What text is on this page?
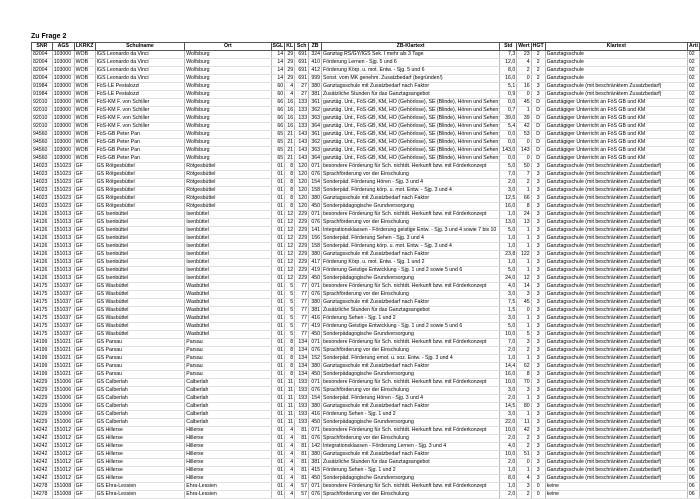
Zu Frage 2
SNR	AGS	LKRKZ	Schulname	Ort	SGL	KL	Sch	ZB	ZB-Klartext	Std	Wert	HGT	Klartext	Arti
82004	103000	WOB	IGS Leonardo da Vinci	Wolfsburg	14	29	691	324	Ganztag RS/GY/IGS Sek. I mehr als 3 Tage	7,3	23	2	Ganztagsschule	02
82004	103000	WOB	IGS Leonardo da Vinci	Wolfsburg	14	29	691	410	Förderung Lernen - Sjg. 5 und 6	12,0	4	2	Ganztagsschule	02
82004	103000	WOB	IGS Leonardo da Vinci	Wolfsburg	14	29	691	412	Förderung Körp. u. mot. Entw. - Sjg. 5 und 6	8,0	2	2	Ganztagsschule	02
82004	103000	WOB	IGS Leonardo da Vinci	Wolfsburg	14	29	691	999	Sonst. vom MK genehm. Zusatzbedarf (begründen!)	16,0	0	2	Ganztagsschule	02
91984	103000	WOB	FöS-LE Pestalozzi	Wolfsburg	60	4	27	380	Ganztagsschule mit Zusatzbedarf nach Faktor	5,1	16	3	Ganztagsschule (mit beschränktem Zusatzbedarf)	02
91984	103000	WOB	FöS-LE Pestalozzi	Wolfsburg	60	4	27	381	Zusätzliche Stunden für das Ganztagsangebot	0,9	0	3	Ganztagsschule (mit beschränktem Zusatzbedarf)	02
92010	103000	WOB	FöS-KM F. von Schiller	Wolfsburg	66	16	133	361	ganztäg. Unt., FöS-GB, KM, HÖ (Gehörlose), SE (Blinde), Hören und Sehen	0,0	45	D	Ganztägiger Unterricht an FöS GB und KM	02
92010	103000	WOB	FöS-KM F. von Schiller	Wolfsburg	66	16	133	362	ganztäg. Unt., FöS-GB, KM, HÖ (Gehörlose), SE (Blinde), Hören und Sehen	0,7	1	D	Ganztägiger Unterricht an FöS GB und KM	02
92010	103000	WOB	FöS-KM F. von Schiller	Wolfsburg	66	16	133	363	ganztäg. Unt., FöS-GB, KM, HÖ (Gehörlose), SE (Blinde), Hören und Sehen	39,0	39	D	Ganztägiger Unterricht an FöS GB und KM	02
92010	103000	WOB	FöS-KM F. von Schiller	Wolfsburg	66	16	133	364	ganztäg. Unt., FöS-GB, KM, HÖ (Gehörlose), SE (Blinde), Hören und Sehen	5,4	42	D	Ganztägiger Unterricht an FöS GB und KM	02
94560	103000	WOB	FöS-GB Peter Pan	Wolfsburg	65	21	143	361	ganztäg. Unt., FöS-GB, KM, HÖ (Gehörlose), SE (Blinde), Hören und Sehen	0,0	53	D	Ganztägiger Unterricht an FöS GB und KM	02
94560	103000	WOB	FöS-GB Peter Pan	Wolfsburg	65	21	143	362	ganztäg. Unt., FöS-GB, KM, HÖ (Gehörlose), SE (Blinde), Hören und Sehen	0,0	0	D	Ganztägiger Unterricht an FöS GB und KM	02
94560	103000	WOB	FöS-GB Peter Pan	Wolfsburg	65	21	143	363	ganztäg. Unt., FöS-GB, KM, HÖ (Gehörlose), SE (Blinde), Hören und Sehen	143,0	143	D	Ganztägiger Unterricht an FöS GB und KM	02
94560	103000	WOB	FöS-GB Peter Pan	Wolfsburg	65	21	143	364	ganztäg. Unt., FöS-GB, KM, HÖ (Gehörlose), SE (Blinde), Hören und Sehen	0,0	0	D	Ganztägiger Unterricht an FöS GB und KM	02
14023	151023	GF	GS Rötgesbüttel	Rötgesbüttel	01	8	120	071	besondere Förderung für Sch. nichtdt. Herkunft bzw. mit Förderkonzept	5,0	50	3	Ganztagsschule (mit beschränktem Zusatzbedarf)	06
14023	151023	GF	GS Rötgesbüttel	Rötgesbüttel	01	8	120	076	Sprachförderung vor der Einschulung	7,0	7	3	Ganztagsschule (mit beschränktem Zusatzbedarf)	06
14023	151023	GF	GS Rötgesbüttel	Rötgesbüttel	01	8	120	154	Sonderpäd. Förderung Hören - Sjg. 3 und 4	2,0	2	3	Ganztagsschule (mit beschränktem Zusatzbedarf)	06
14023	151023	GF	GS Rötgesbüttel	Rötgesbüttel	01	8	120	158	Sonderpäd. Förderung körp. u. mot. Entw. - Sjg. 3 und 4	3,0	1	3	Ganztagsschule (mit beschränktem Zusatzbedarf)	06
14023	151023	GF	GS Rötgesbüttel	Rötgesbüttel	01	8	120	380	Ganztagsschule mit Zusatzbedarf nach Faktor	12,5	66	3	Ganztagsschule (mit beschränktem Zusatzbedarf)	06
14023	151023	GF	GS Rötgesbüttel	Rötgesbüttel	01	8	120	450	Sonderpädagogische Grundversorgung	16,0	8	3	Ganztagsschule (mit beschränktem Zusatzbedarf)	06
14126	151013	GF	GS Isenbüttel	Isenbüttel	01	12	229	071	besondere Förderung für Sch. nichtdt. Herkunft bzw. mit Förderkonzept	1,0	24	3	Ganztagsschule (mit beschränktem Zusatzbedarf)	06
14126	151013	GF	GS Isenbüttel	Isenbüttel	01	12	229	076	Sprachförderung vor der Einschulung	13,0	13	3	Ganztagsschule (mit beschränktem Zusatzbedarf)	06
14126	151013	GF	GS Isenbüttel	Isenbüttel	01	12	229	141	Integrationsklassen - Förderung geistige Entw. - Sjg. 3 und 4 sowie 7 bis 10	5,0	1	3	Ganztagsschule (mit beschränktem Zusatzbedarf)	06
14126	151013	GF	GS Isenbüttel	Isenbüttel	01	12	229	156	Sonderpäd. Förderung Sehen - Sjg. 3 und 4	1,0	1	3	Ganztagsschule (mit beschränktem Zusatzbedarf)	06
14126	151013	GF	GS Isenbüttel	Isenbüttel	01	12	229	158	Sonderpäd. Förderung körp. u. mot. Entw. - Sjg. 3 und 4	1,0	1	3	Ganztagsschule (mit beschränktem Zusatzbedarf)	06
14126	151013	GF	GS Isenbüttel	Isenbüttel	01	12	229	380	Ganztagsschule mit Zusatzbedarf nach Faktor	23,8	122	3	Ganztagsschule (mit beschränktem Zusatzbedarf)	06
14126	151013	GF	GS Isenbüttel	Isenbüttel	01	12	229	417	Förderung Körp. u. mot. Entw. - Sjg. 1 und 2	1,0	1	3	Ganztagsschule (mit beschränktem Zusatzbedarf)	06
14126	151013	GF	GS Isenbüttel	Isenbüttel	01	12	229	419	Förderung Geistige Entwicklung - Sjg. 1 und 2 sowie 5 und 6	5,0	1	3	Ganztagsschule (mit beschränktem Zusatzbedarf)	06
14126	151013	GF	GS Isenbüttel	Isenbüttel	01	12	229	450	Sonderpädagogische Grundversorgung	24,0	12	3	Ganztagsschule (mit beschränktem Zusatzbedarf)	06
14175	151037	GF	GS Wasbüttel	Wasbüttel	01	5	77	071	besondere Förderung für Sch. nichtdt. Herkunft bzw. mit Förderkonzept	4,0	14	3	Ganztagsschule (mit beschränktem Zusatzbedarf)	06
14175	151037	GF	GS Wasbüttel	Wasbüttel	01	5	77	076	Sprachförderung vor der Einschulung	3,0	3	3	Ganztagsschule (mit beschränktem Zusatzbedarf)	06
14175	151037	GF	GS Wasbüttel	Wasbüttel	01	5	77	380	Ganztagsschule mit Zusatzbedarf nach Faktor	7,5	45	3	Ganztagsschule (mit beschränktem Zusatzbedarf)	06
14175	151037	GF	GS Wasbüttel	Wasbüttel	01	5	77	381	Zusätzliche Stunden für das Ganztagsangebot	1,5	0	3	Ganztagsschule (mit beschränktem Zusatzbedarf)	06
14175	151037	GF	GS Wasbüttel	Wasbüttel	01	5	77	416	Förderung Sehen - Sjg. 1 und 2	3,0	1	3	Ganztagsschule (mit beschränktem Zusatzbedarf)	06
14175	151037	GF	GS Wasbüttel	Wasbüttel	01	5	77	419	Förderung Geistige Entwicklung - Sjg. 1 und 2 sowie 5 und 6	5,0	1	3	Ganztagsschule (mit beschränktem Zusatzbedarf)	06
14175	151037	GF	GS Wasbüttel	Wasbüttel	01	5	77	450	Sonderpädagogische Grundversorgung	10,0	5	3	Ganztagsschule (mit beschränktem Zusatzbedarf)	06
14199	151021	GF	GS Parsau	Parsau	01	8	134	071	besondere Förderung für Sch. nichtdt. Herkunft bzw. mit Förderkonzept	7,0	3	3	Ganztagsschule (mit beschränktem Zusatzbedarf)	06
14199	151021	GF	GS Parsau	Parsau	01	8	134	076	Sprachförderung vor der Einschulung	2,0	2	3	Ganztagsschule (mit beschränktem Zusatzbedarf)	06
14199	151021	GF	GS Parsau	Parsau	01	8	134	152	Sonderpäd. Förderung emot. u. soz. Entw. - Sjg. 3 und 4	1,0	1	3	Ganztagsschule (mit beschränktem Zusatzbedarf)	06
14199	151021	GF	GS Parsau	Parsau	01	8	134	380	Ganztagsschule mit Zusatzbedarf nach Faktor	14,4	62	3	Ganztagsschule (mit beschränktem Zusatzbedarf)	06
14199	151021	GF	GS Parsau	Parsau	01	8	134	450	Sonderpädagogische Grundversorgung	16,0	8	3	Ganztagsschule (mit beschränktem Zusatzbedarf)	06
14229	151006	GF	GS Calberlah	Calberlah	01	11	193	071	besondere Förderung für Sch. nichtdt. Herkunft bzw. mit Förderkonzept	10,0	70	3	Ganztagsschule (mit beschränktem Zusatzbedarf)	06
14229	151006	GF	GS Calberlah	Calberlah	01	11	193	076	Sprachförderung vor der Einschulung	3,0	3	3	Ganztagsschule (mit beschränktem Zusatzbedarf)	06
14229	151006	GF	GS Calberlah	Calberlah	01	11	193	154	Sonderpäd. Förderung Hören - Sjg. 3 und 4	2,0	1	3	Ganztagsschule (mit beschränktem Zusatzbedarf)	06
14229	151006	GF	GS Calberlah	Calberlah	01	11	193	380	Ganztagsschule mit Zusatzbedarf nach Faktor	14,5	80	3	Ganztagsschule (mit beschränktem Zusatzbedarf)	06
14229	151006	GF	GS Calberlah	Calberlah	01	11	193	416	Förderung Sehen - Sjg. 1 und 2	3,0	1	3	Ganztagsschule (mit beschränktem Zusatzbedarf)	06
14229	151006	GF	GS Calberlah	Calberlah	01	11	193	450	Sonderpädagogische Grundversorgung	22,0	11	3	Ganztagsschule (mit beschränktem Zusatzbedarf)	06
14242	151012	GF	GS Hillerse	Hillerse	01	4	81	071	besondere Förderung für Sch. nichtdt. Herkunft bzw. mit Förderkonzept	10,0	42	3	Ganztagsschule (mit beschränktem Zusatzbedarf)	06
14242	151012	GF	GS Hillerse	Hillerse	01	4	81	076	Sprachförderung vor der Einschulung	2,0	2	3	Ganztagsschule (mit beschränktem Zusatzbedarf)	06
14242	151012	GF	GS Hillerse	Hillerse	01	4	81	142	Integrationsklassen - Förderung Lernen - Sjg. 3 und 4	4,0	2	3	Ganztagsschule (mit beschränktem Zusatzbedarf)	06
14242	151012	GF	GS Hillerse	Hillerse	01	4	81	380	Ganztagsschule mit Zusatzbedarf nach Faktor	10,0	51	3	Ganztagsschule (mit beschränktem Zusatzbedarf)	06
14242	151012	GF	GS Hillerse	Hillerse	01	4	81	381	Zusätzliche Stunden für das Ganztagsangebot	2,0	0	3	Ganztagsschule (mit beschränktem Zusatzbedarf)	06
14242	151012	GF	GS Hillerse	Hillerse	01	4	81	415	Förderung Sehen - Sjg. 1 und 2	1,0	1	3	Ganztagsschule (mit beschränktem Zusatzbedarf)	06
14242	151012	GF	GS Hillerse	Hillerse	01	4	81	450	Sonderpädagogische Grundversorgung	8,0	4	3	Ganztagsschule (mit beschränktem Zusatzbedarf)	06
14278	151008	GF	GS Ehra-Lessien	Ehra-Lessien	01	4	57	071	besondere Förderung für Sch. nichtdt. Herkunft bzw. mit Förderkonzept	1,0	3	0	keine	06
14278	151008	GF	GS Ehra-Lessien	Ehra-Lessien	01	4	57	076	Sprachförderung vor der Einschulung	2,0	2	0	keine	06
